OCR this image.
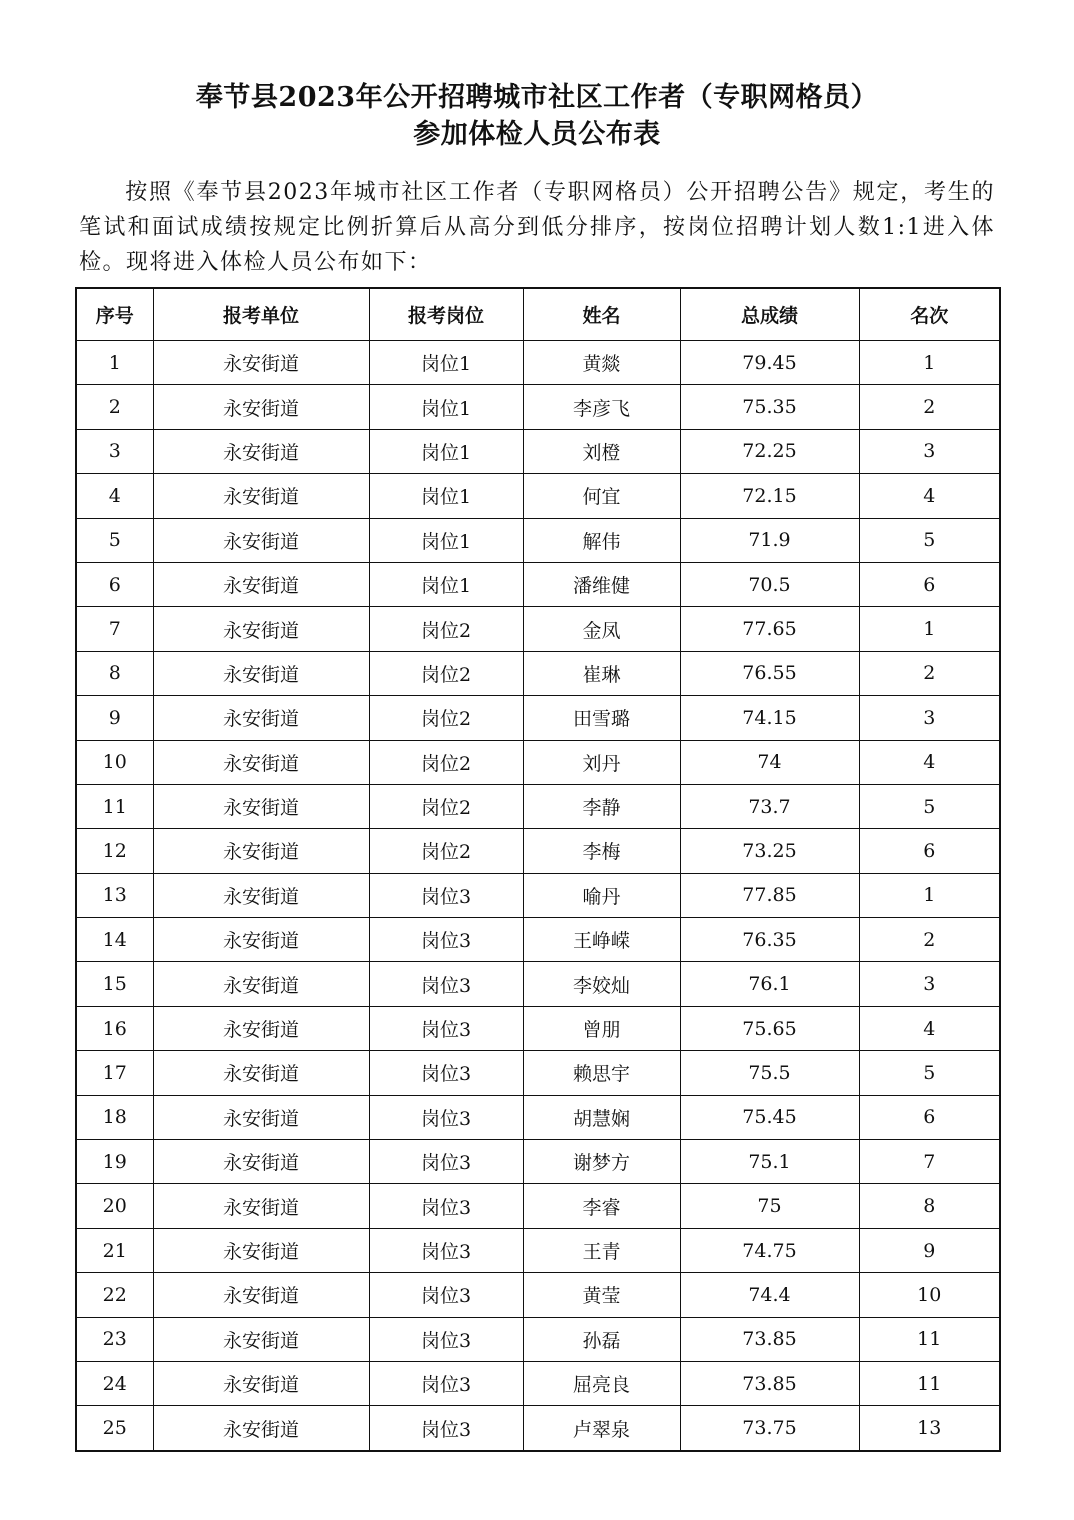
奉节县2023年公开招聘城市社区工作者（专职网格员）
参加体检人员公布表
按照《奉节县2023年城市社区工作者（专职网格员）公开招聘公告》规定，考生的笔试和面试成绩按规定比例折算后从高分到低分排序，按岗位招聘计划人数1:1进入体检。现将进入体检人员公布如下：
序号	报考单位	报考岗位	姓名	总成绩	名次
1	永安街道	岗位1	黄燚	79.45	1
2	永安街道	岗位1	李彦飞	75.35	2
3	永安街道	岗位1	刘橙	72.25	3
4	永安街道	岗位1	何宜	72.15	4
5	永安街道	岗位1	解伟	71.9	5
6	永安街道	岗位1	潘维健	70.5	6
7	永安街道	岗位2	金凤	77.65	1
8	永安街道	岗位2	崔琳	76.55	2
9	永安街道	岗位2	田雪璐	74.15	3
10	永安街道	岗位2	刘丹	74	4
11	永安街道	岗位2	李静	73.7	5
12	永安街道	岗位2	李梅	73.25	6
13	永安街道	岗位3	喻丹	77.85	1
14	永安街道	岗位3	王峥嵘	76.35	2
15	永安街道	岗位3	李姣灿	76.1	3
16	永安街道	岗位3	曾朋	75.65	4
17	永安街道	岗位3	赖思宇	75.5	5
18	永安街道	岗位3	胡慧娴	75.45	6
19	永安街道	岗位3	谢梦方	75.1	7
20	永安街道	岗位3	李睿	75	8
21	永安街道	岗位3	王青	74.75	9
22	永安街道	岗位3	黄莹	74.4	10
23	永安街道	岗位3	孙磊	73.85	11
24	永安街道	岗位3	屈亮良	73.85	11
25	永安街道	岗位3	卢翠泉	73.75	13
